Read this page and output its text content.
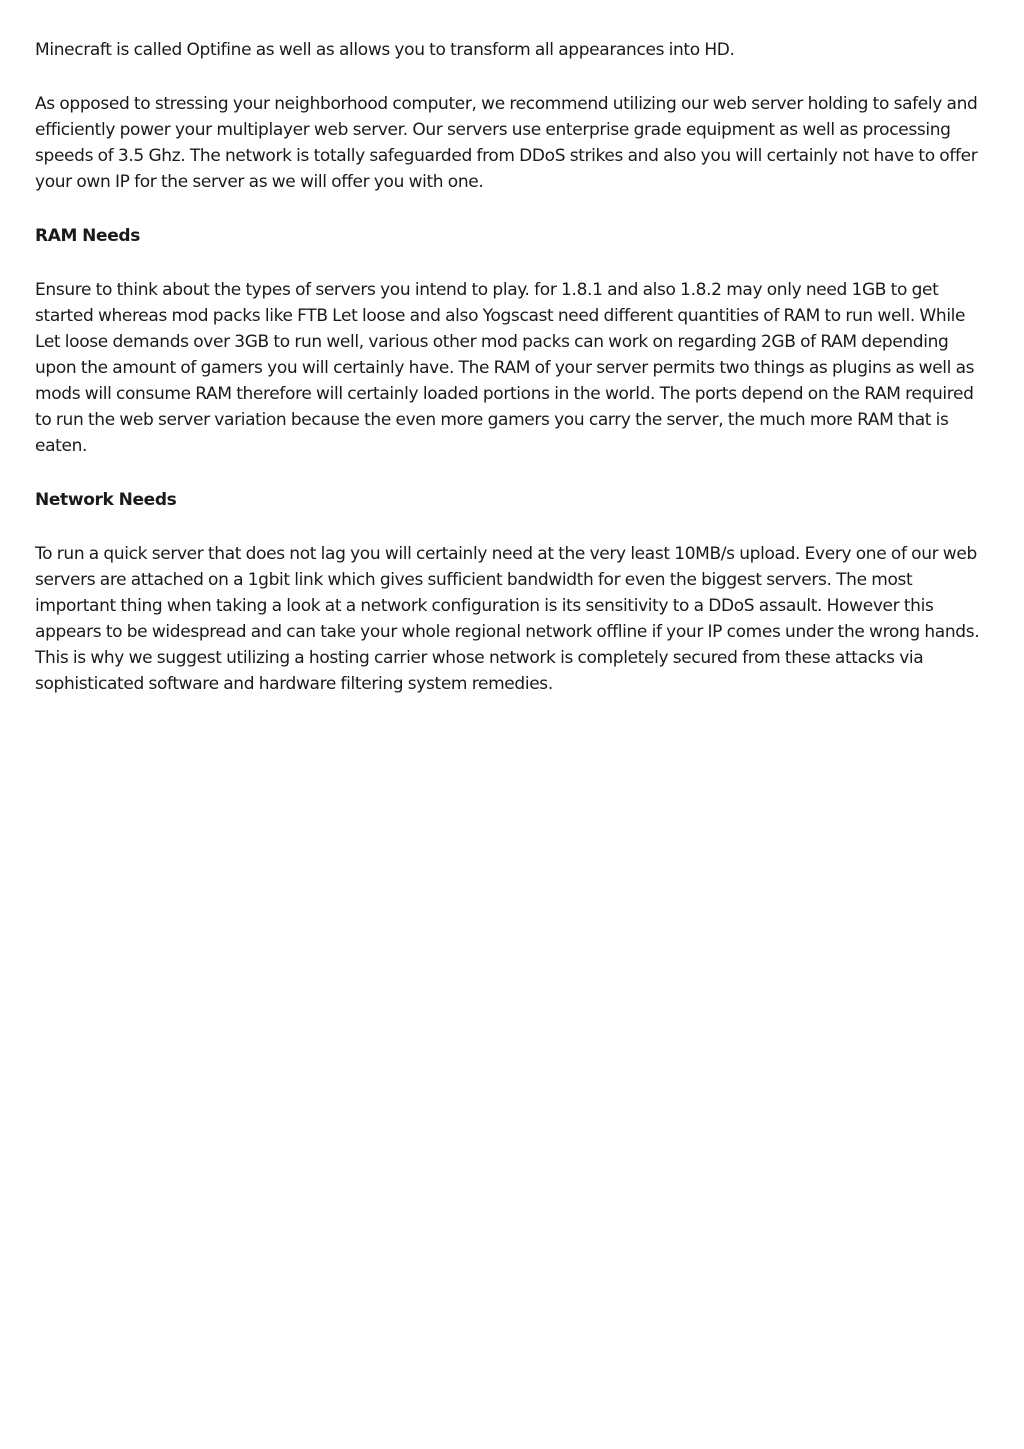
Minecraft is called Optifine as well as allows you to transform all appearances into HD.

As opposed to stressing your neighborhood computer, we recommend utilizing our web server holding to safely and efficiently power your multiplayer web server. Our servers use enterprise grade equipment as well as processing speeds of 3.5 Ghz. The network is totally safeguarded from DDoS strikes and also you will certainly not have to offer your own IP for the server as we will offer you with one.

RAM Needs

Ensure to think about the types of servers you intend to play. for 1.8.1 and also 1.8.2 may only need 1GB to get started whereas mod packs like FTB Let loose and also Yogscast need different quantities of RAM to run well. While Let loose demands over 3GB to run well, various other mod packs can work on regarding 2GB of RAM depending upon the amount of gamers you will certainly have. The RAM of your server permits two things as plugins as well as mods will consume RAM therefore will certainly loaded portions in the world. The ports depend on the RAM required to run the web server variation because the even more gamers you carry the server, the much more RAM that is eaten.

Network Needs

To run a quick server that does not lag you will certainly need at the very least 10MB/s upload. Every one of our web servers are attached on a 1gbit link which gives sufficient bandwidth for even the biggest servers. The most important thing when taking a look at a network configuration is its sensitivity to a DDoS assault. However this appears to be widespread and can take your whole regional network offline if your IP comes under the wrong hands. This is why we suggest utilizing a hosting carrier whose network is completely secured from these attacks via sophisticated software and hardware filtering system remedies.
